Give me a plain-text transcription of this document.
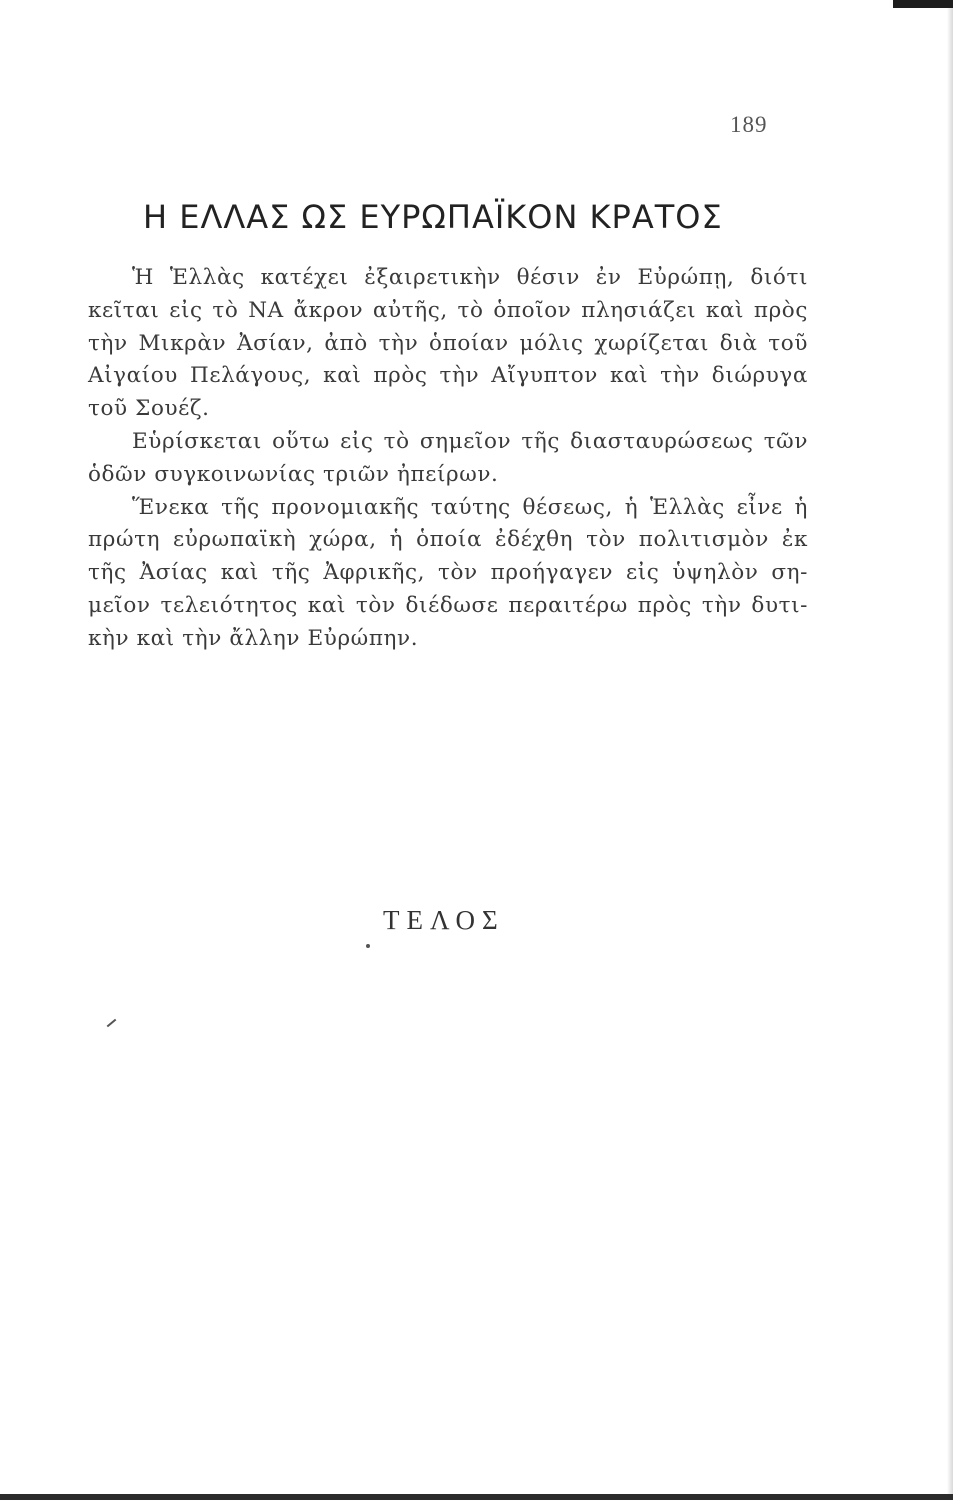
189
Η ΕΛΛΑΣ ΩΣ ΕΥΡΩΠΑΪΚΟΝ ΚΡΑΤΟΣ
Ἡ Ἑλλὰς κατέχει ἐξαιρετικὴν θέσιν ἐν Εὐρώπῃ, διότι
κεῖται εἰς τὸ ΝΑ ἄκρον αὐτῆς, τὸ ὁποῖον πλησιάζει καὶ πρὸς
τὴν Μικρὰν Ἀσίαν, ἀπὸ τὴν ὁποίαν μόλις χωρίζεται διὰ τοῦ
Αἰγαίου Πελάγους, καὶ πρὸς τὴν Αἴγυπτον καὶ τὴν διώρυγα
τοῦ Σουέζ.
Εὑρίσκεται οὕτω εἰς τὸ σημεῖον τῆς διασταυρώσεως τῶν
ὁδῶν συγκοινωνίας τριῶν ἠπείρων.
Ἕνεκα τῆς προνομιακῆς ταύτης θέσεως, ἡ Ἑλλὰς εἶνε ἡ
πρώτη εὐρωπαϊκὴ χώρα, ἡ ὁποία ἐδέχθη τὸν πολιτισμὸν ἐκ
τῆς Ἀσίας καὶ τῆς Ἀφρικῆς, τὸν προήγαγεν εἰς ὑψηλὸν ση-
μεῖον τελειότητος καὶ τὸν διέδωσε περαιτέρω πρὸς τὴν δυτι-
κὴν καὶ τὴν ἄλλην Εὐρώπην.
ΤΕΛΟΣ
